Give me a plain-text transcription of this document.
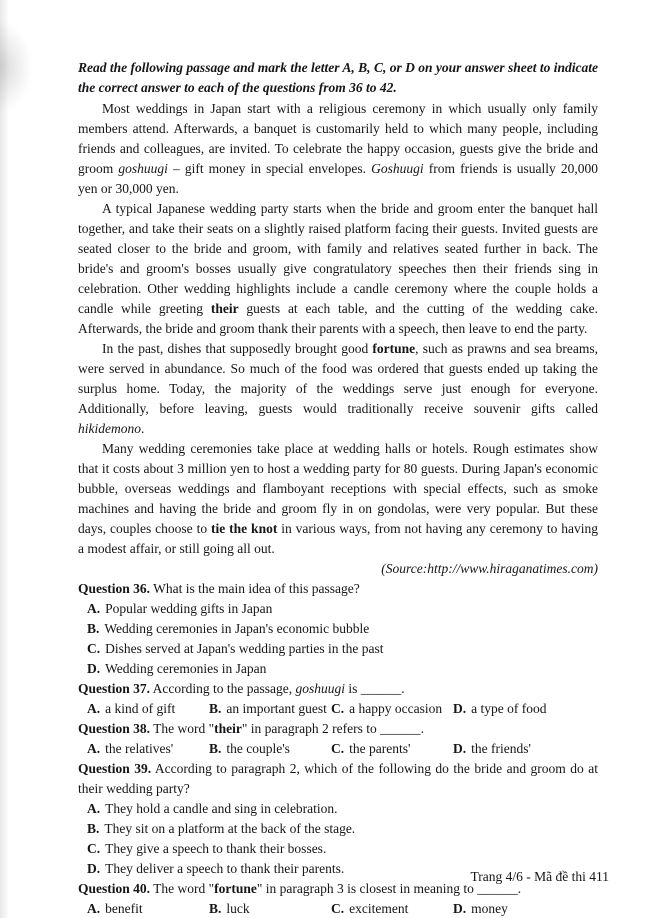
Read the following passage and mark the letter A, B, C, or D on your answer sheet to indicate the correct answer to each of the questions from 36 to 42.

Most weddings in Japan start with a religious ceremony in which usually only family members attend. Afterwards, a banquet is customarily held to which many people, including friends and colleagues, are invited. To celebrate the happy occasion, guests give the bride and groom goshuugi – gift money in special envelopes. Goshuugi from friends is usually 20,000 yen or 30,000 yen.

A typical Japanese wedding party starts when the bride and groom enter the banquet hall together, and take their seats on a slightly raised platform facing their guests. Invited guests are seated closer to the bride and groom, with family and relatives seated further in back. The bride's and groom's bosses usually give congratulatory speeches then their friends sing in celebration. Other wedding highlights include a candle ceremony where the couple holds a candle while greeting their guests at each table, and the cutting of the wedding cake. Afterwards, the bride and groom thank their parents with a speech, then leave to end the party.

In the past, dishes that supposedly brought good fortune, such as prawns and sea breams, were served in abundance. So much of the food was ordered that guests ended up taking the surplus home. Today, the majority of the weddings serve just enough for everyone. Additionally, before leaving, guests would traditionally receive souvenir gifts called hikidemono.

Many wedding ceremonies take place at wedding halls or hotels. Rough estimates show that it costs about 3 million yen to host a wedding party for 80 guests. During Japan's economic bubble, overseas weddings and flamboyant receptions with special effects, such as smoke machines and having the bride and groom fly in on gondolas, were very popular. But these days, couples choose to tie the knot in various ways, from not having any ceremony to having a modest affair, or still going all out.

(Source:http://www.hiraganatimes.com)

Question 36. What is the main idea of this passage?

A. Popular wedding gifts in Japan

B. Wedding ceremonies in Japan's economic bubble

C. Dishes served at Japan's wedding parties in the past

D. Wedding ceremonies in Japan

Question 37. According to the passage, goshuugi is ______.

A. a kind of gift	B. an important guest C. a happy occasion D. a type of food

Question 38. The word "their" in paragraph 2 refers to ______.

A. the relatives'	B. the couple's	C. the parents'	D. the friends'

Question 39. According to paragraph 2, which of the following do the bride and groom do at their wedding party?

A. They hold a candle and sing in celebration.

B. They sit on a platform at the back of the stage.

C. They give a speech to thank their bosses.

D. They deliver a speech to thank their parents.

Question 40. The word "fortune" in paragraph 3 is closest in meaning to ______.

A. benefit	B. luck	C. excitement	D. money
Trang 4/6 - Mã đề thi 411
